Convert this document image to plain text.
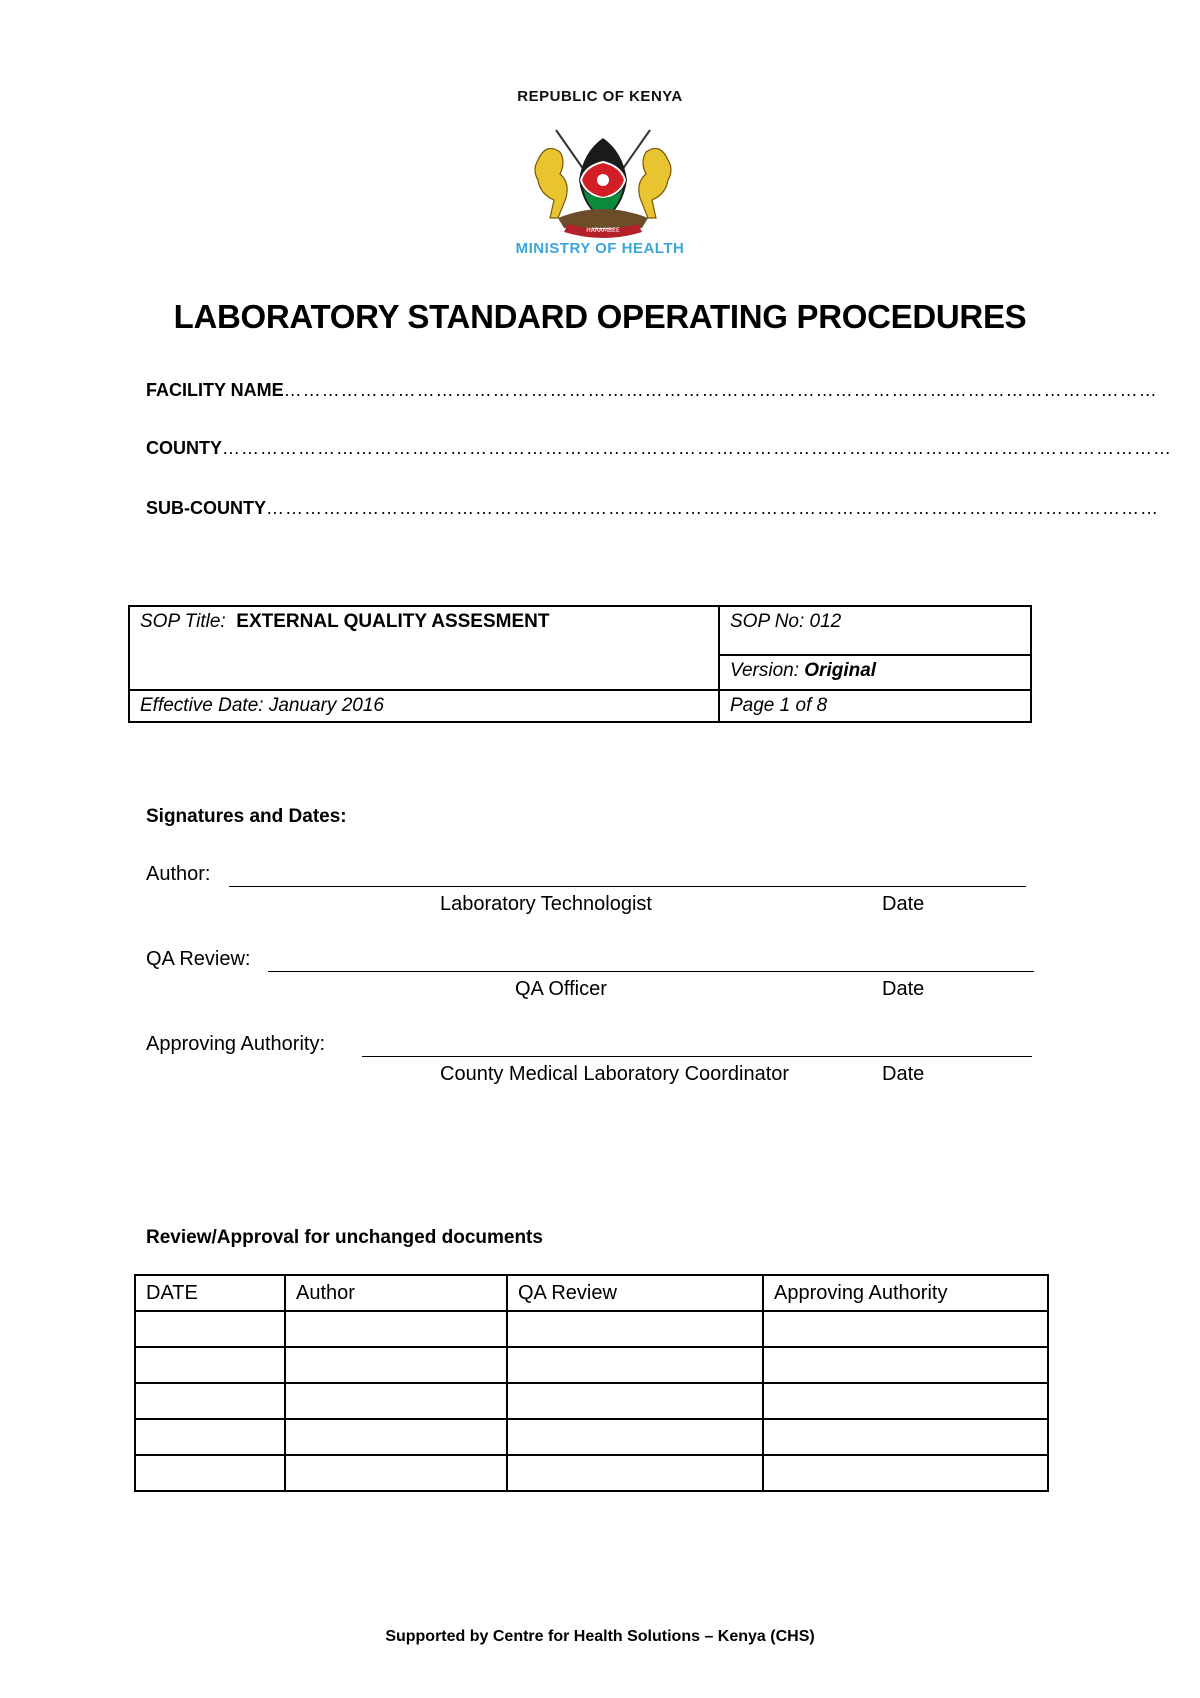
REPUBLIC OF KENYA
HARAMBEE
MINISTRY OF HEALTH
LABORATORY STANDARD OPERATING PROCEDURES
FACILITY NAME…………………………………………………………………………………………………………………………
COUNTY……………………………………………………………………………………………………………………………………
SUB-COUNTY……………………………………………………………………………………………………………………………
SOP Title: EXTERNAL QUALITY ASSESMENT	SOP No: 012
	Version: Original
Effective Date: January 2016	Page 1 of 8
Signatures and Dates:
Author:
Laboratory Technologist	Date
QA Review:
QA Officer	Date
Approving Authority:
County Medical Laboratory Coordinator	Date
Review/Approval for unchanged documents
DATE	Author	QA Review	Approving Authority

Supported by Centre for Health Solutions – Kenya (CHS)
